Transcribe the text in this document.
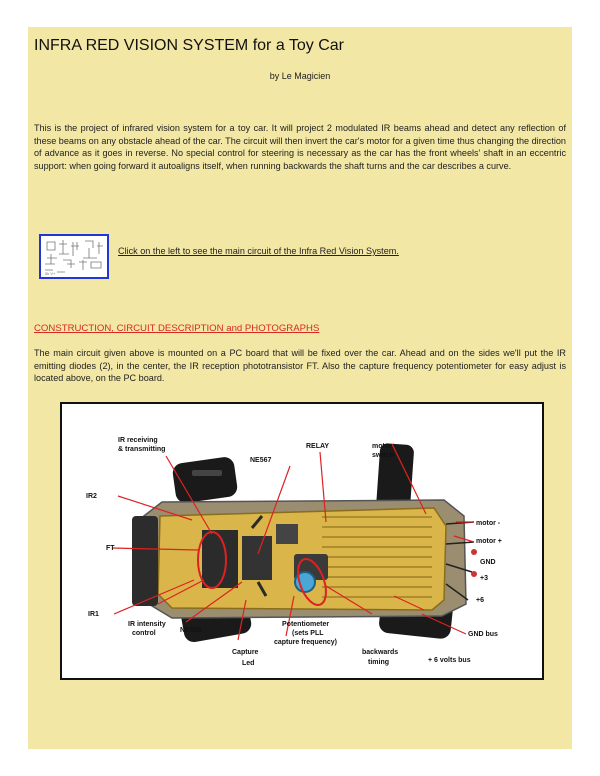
INFRA RED VISION SYSTEM for a Toy Car
by Le Magicien

This is the project of infrared vision system for a toy car. It will project 2 modulated IR beams ahead and detect any reflection of these beams on any obstacle ahead of the car. The circuit will then invert the car's motor for a given time thus changing the direction of advance as it goes in reverse. No special control for steering is necessary as the car has the front wheels' shaft in an eccentric support: when going forward it autoaligns itself, when running backwards the shaft turns and the car describes a curve.

5k V+
Click on the left to see the main circuit of the Infra Red Vision System.
CONSTRUCTION, CIRCUIT DESCRIPTION and PHOTOGRAPHS

The main circuit given above is mounted on a PC board that will be fixed over the car. Ahead and on the sides we'll put the IR emitting diodes (2), in the center, the IR reception phototransistor FT. Also the capture frequency potentiometer for easy adjust is located above, on the PC board.

IR receiving
& transmitting
NE567
RELAY	motor
switch
IR2
FT
IR1
IR intensity
control	NE555
Capture
Led
Potentiometer
(sets PLL
capture frequency)
backwards
timing
motor -
motor +
GND
+3
+6
GND bus
+ 6 volts bus
